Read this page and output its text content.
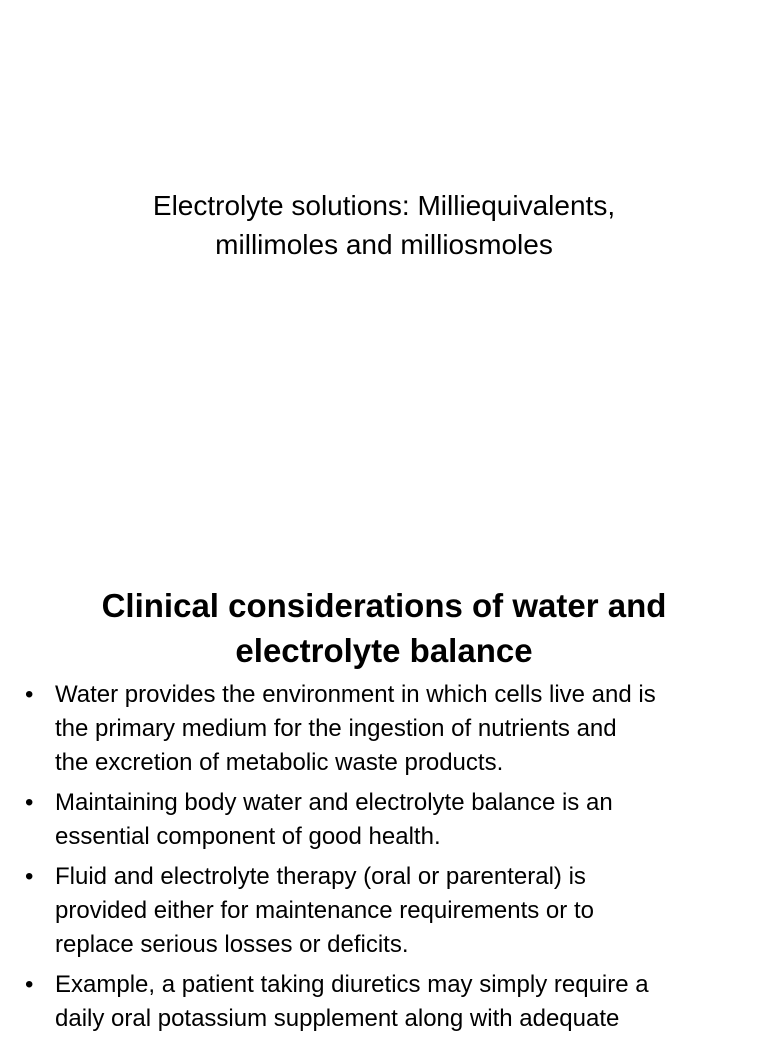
Electrolyte solutions: Milliequivalents,
millimoles and milliosmoles
Clinical considerations of water and
electrolyte balance
• Water provides the environment in which cells live and is
the primary medium for the ingestion of nutrients and
the excretion of metabolic waste products.
• Maintaining body water and electrolyte balance is an
essential component of good health.
• Fluid and electrolyte therapy (oral or parenteral) is
provided either for maintenance requirements or to
replace serious losses or deficits.
• Example, a patient taking diuretics may simply require a
daily oral potassium supplement along with adequate
